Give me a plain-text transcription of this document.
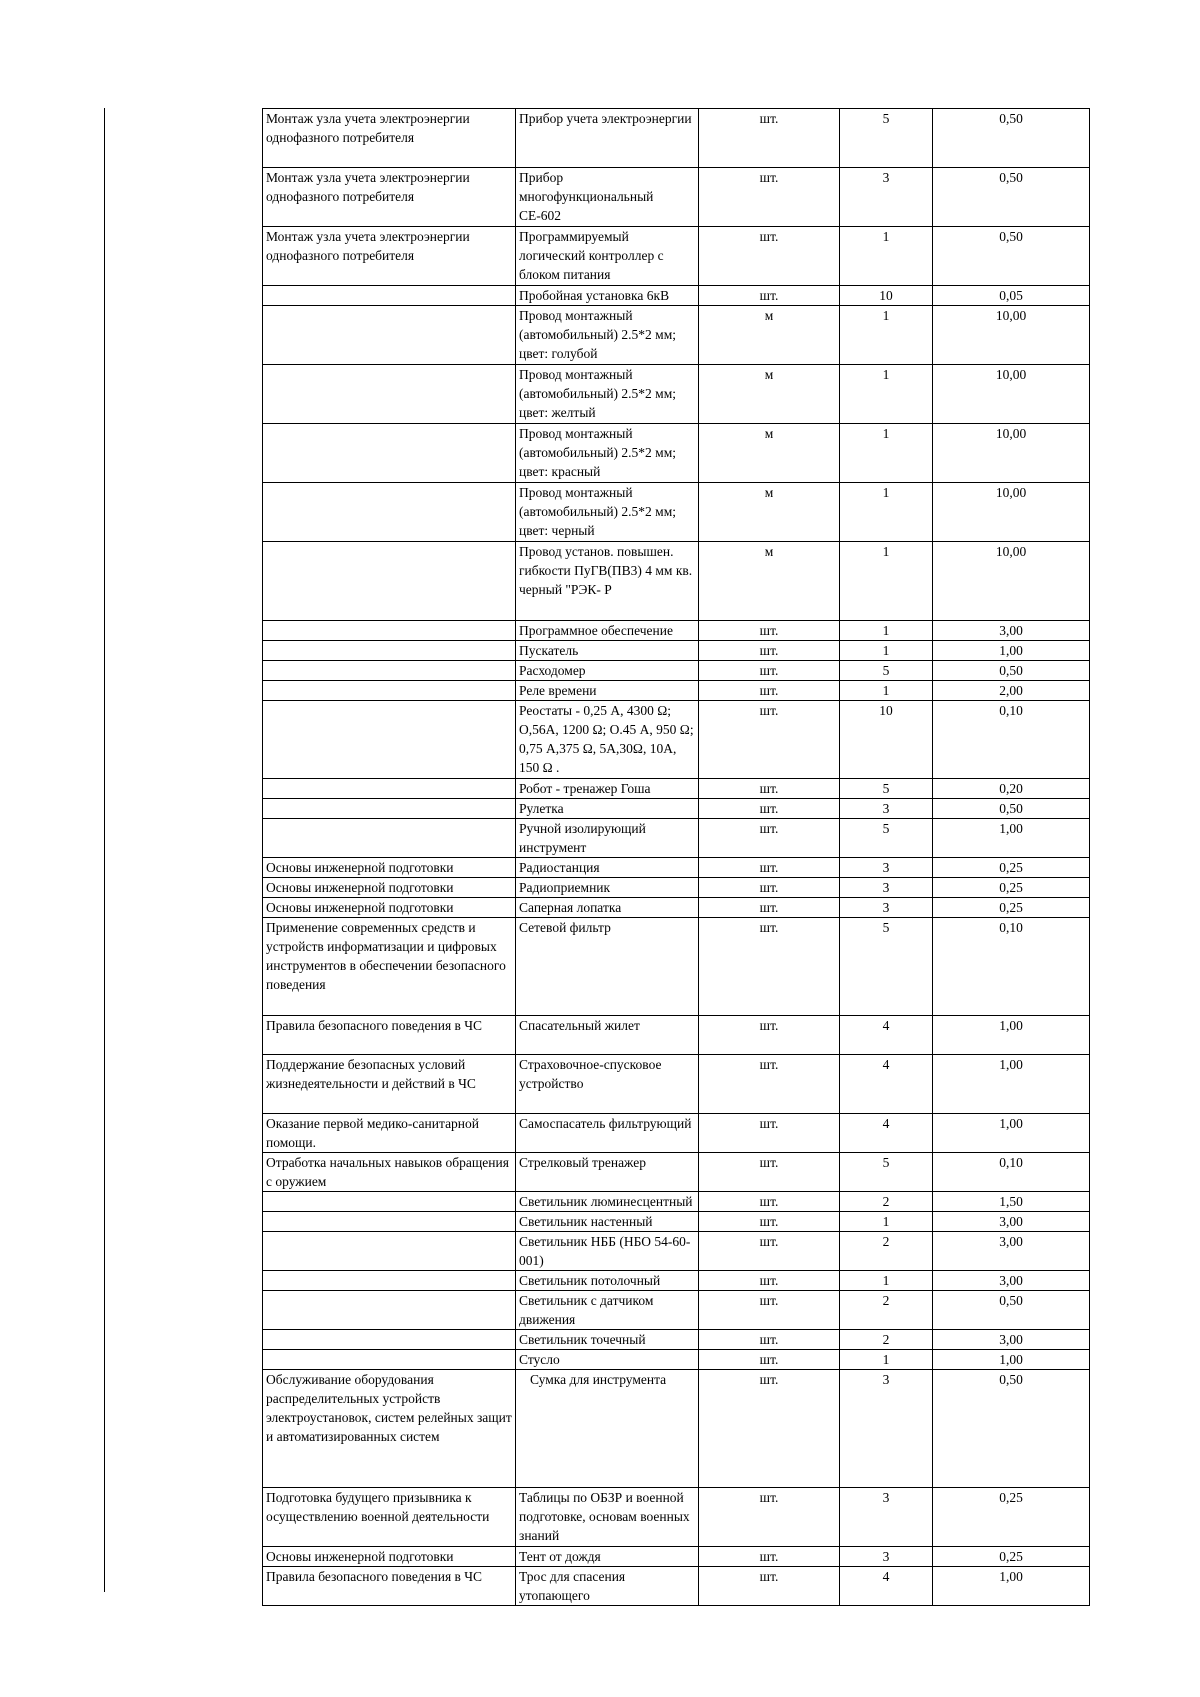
Монтаж узла учета электроэнергии однофазного потребителя	Прибор учета электроэнергии	шт.	5	0,50
Монтаж узла учета электроэнергии однофазного потребителя	Прибор многофункциональный СЕ-602	шт.	3	0,50
Монтаж узла учета электроэнергии однофазного потребителя	Программируемый логический контроллер с блоком питания	шт.	1	0,50
	Пробойная установка 6кВ	шт.	10	0,05
	Провод монтажный (автомобильный) 2.5*2 мм; цвет: голубой	м	1	10,00
	Провод монтажный (автомобильный) 2.5*2 мм; цвет: желтый	м	1	10,00
	Провод монтажный (автомобильный) 2.5*2 мм; цвет: красный	м	1	10,00
	Провод монтажный (автомобильный) 2.5*2 мм; цвет: черный	м	1	10,00
	Провод установ. повышен. гибкости ПуГВ(ПВ3) 4 мм кв. черный "РЭК- Р	м	1	10,00
	Программное обеспечение	шт.	1	3,00
	Пускатель	шт.	1	1,00
	Расходомер	шт.	5	0,50
	Реле времени	шт.	1	2,00
	Реостаты - 0,25 А, 4300 Ω; О,56А, 1200 Ω; О.45 А, 950 Ω; 0,75 А,375 Ω, 5А,30Ω, 10А, 150 Ω .	шт.	10	0,10
	Робот - тренажер Гоша	шт.	5	0,20
	Рулетка	шт.	3	0,50
	Ручной изолирующий инструмент	шт.	5	1,00
Основы инженерной подготовки	Радиостанция	шт.	3	0,25
Основы инженерной подготовки	Радиоприемник	шт.	3	0,25
Основы инженерной подготовки	Саперная лопатка	шт.	3	0,25
Применение современных средств и устройств информатизации и цифровых инструментов в обеспечении безопасного поведения	Сетевой фильтр	шт.	5	0,10
Правила безопасного поведения в ЧС	Спасательный жилет	шт.	4	1,00
Поддержание безопасных условий жизнедеятельности и действий в ЧС	Страховочное-спусковое устройство	шт.	4	1,00
Оказание первой медико-санитарной помощи.	Самоспасатель фильтрующий	шт.	4	1,00
Отработка начальных навыков обращения с оружием	Стрелковый тренажер	шт.	5	0,10
	Светильник люминесцентный	шт.	2	1,50
	Светильник настенный	шт.	1	3,00
	Светильник НББ (НБО 54-60-001)	шт.	2	3,00
	Светильник потолочный	шт.	1	3,00
	Светильник с датчиком движения	шт.	2	0,50
	Светильник точечный	шт.	2	3,00
	Стусло	шт.	1	1,00
Обслуживание оборудования распределительных устройств электроустановок, систем релейных защит и автоматизированных систем	Сумка для инструмента	шт.	3	0,50
Подготовка будущего призывника к осуществлению военной деятельности	Таблицы по ОБЗР и военной подготовке, основам военных знаний	шт.	3	0,25
Основы инженерной подготовки	Тент от дождя	шт.	3	0,25
Правила безопасного поведения в ЧС	Трос для спасения утопающего	шт.	4	1,00
